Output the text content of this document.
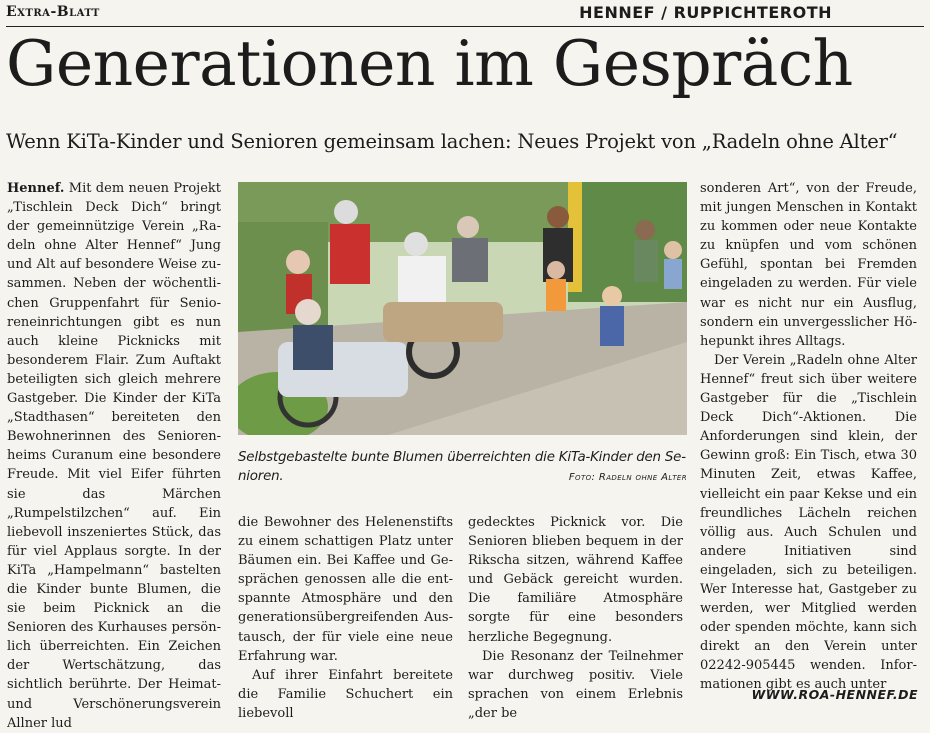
Extra-Blatt	HENNEF / RUPPICHTEROTH
Generationen im Gespräch
Wenn KiTa-Kinder und Senioren gemeinsam lachen: Neues Projekt von „Radeln ohne Alter“

Hennef. Mit dem neuen Projekt „Tischlein Deck Dich“ bringt der gemeinnützige Verein „Radeln ohne Alter Hennef“ Jung und Alt auf besondere Weise zusammen. Neben der wöchentlichen Gruppenfahrt für Senioreneinrichtungen gibt es nun auch kleine Picknicks mit besonderem Flair. Zum Auftakt beteiligten sich gleich mehrere Gastgeber. Die Kinder der KiTa „Stadthasen“ bereiteten den Bewohnerinnen des Seniorenheims Curanum eine besondere Freude. Mit viel Eifer führten sie das Märchen „Rumpelstilzchen“ auf. Ein liebevoll inszeniertes Stück, das für viel Applaus sorgte. In der KiTa „Hampelmann“ bastelten die Kinder bunte Blumen, die sie beim Picknick an die Senioren des Kurhauses persönlich überreichten. Ein Zeichen der Wertschätzung, das sichtlich berührte. Der Heimat- und Verschönerungsverein Allner lud

Selbstgebastelte bunte Blumen überreichten die KiTa-Kinder den Senioren.	Foto: Radeln ohne Alter

die Bewohner des Helenenstifts zu einem schattigen Platz unter Bäumen ein. Bei Kaffee und Gesprächen genossen alle die entspannte Atmosphäre und den generationsübergreifenden Austausch, der für viele eine neue Erfahrung war.

Auf ihrer Einfahrt bereitete die Familie Schuchert ein liebevoll

gedecktes Picknick vor. Die Senioren blieben bequem in der Rikscha sitzen, während Kaffee und Gebäck gereicht wurden. Die familiäre Atmosphäre sorgte für eine besonders herzliche Begegnung.

Die Resonanz der Teilnehmer war durchweg positiv. Viele sprachen von einem Erlebnis „der be

sonderen Art“, von der Freude, mit jungen Menschen in Kontakt zu kommen oder neue Kontakte zu knüpfen und vom schönen Gefühl, spontan bei Fremden eingeladen zu werden. Für viele war es nicht nur ein Ausflug, sondern ein unvergesslicher Höhepunkt ihres Alltags.

Der Verein „Radeln ohne Alter Hennef“ freut sich über weitere Gastgeber für die „Tischlein Deck Dich“-Aktionen. Die Anforderungen sind klein, der Gewinn groß: Ein Tisch, etwa 30 Minuten Zeit, etwas Kaffee, vielleicht ein paar Kekse und ein freundliches Lächeln reichen völlig aus. Auch Schulen und andere Initiativen sind eingeladen, sich zu beteiligen. Wer Interesse hat, Gastgeber zu werden, wer Mitglied werden oder spenden möchte, kann sich direkt an den Verein unter 02242-905445 wenden. Informationen gibt es auch unter

WWW.ROA-HENNEF.DE
